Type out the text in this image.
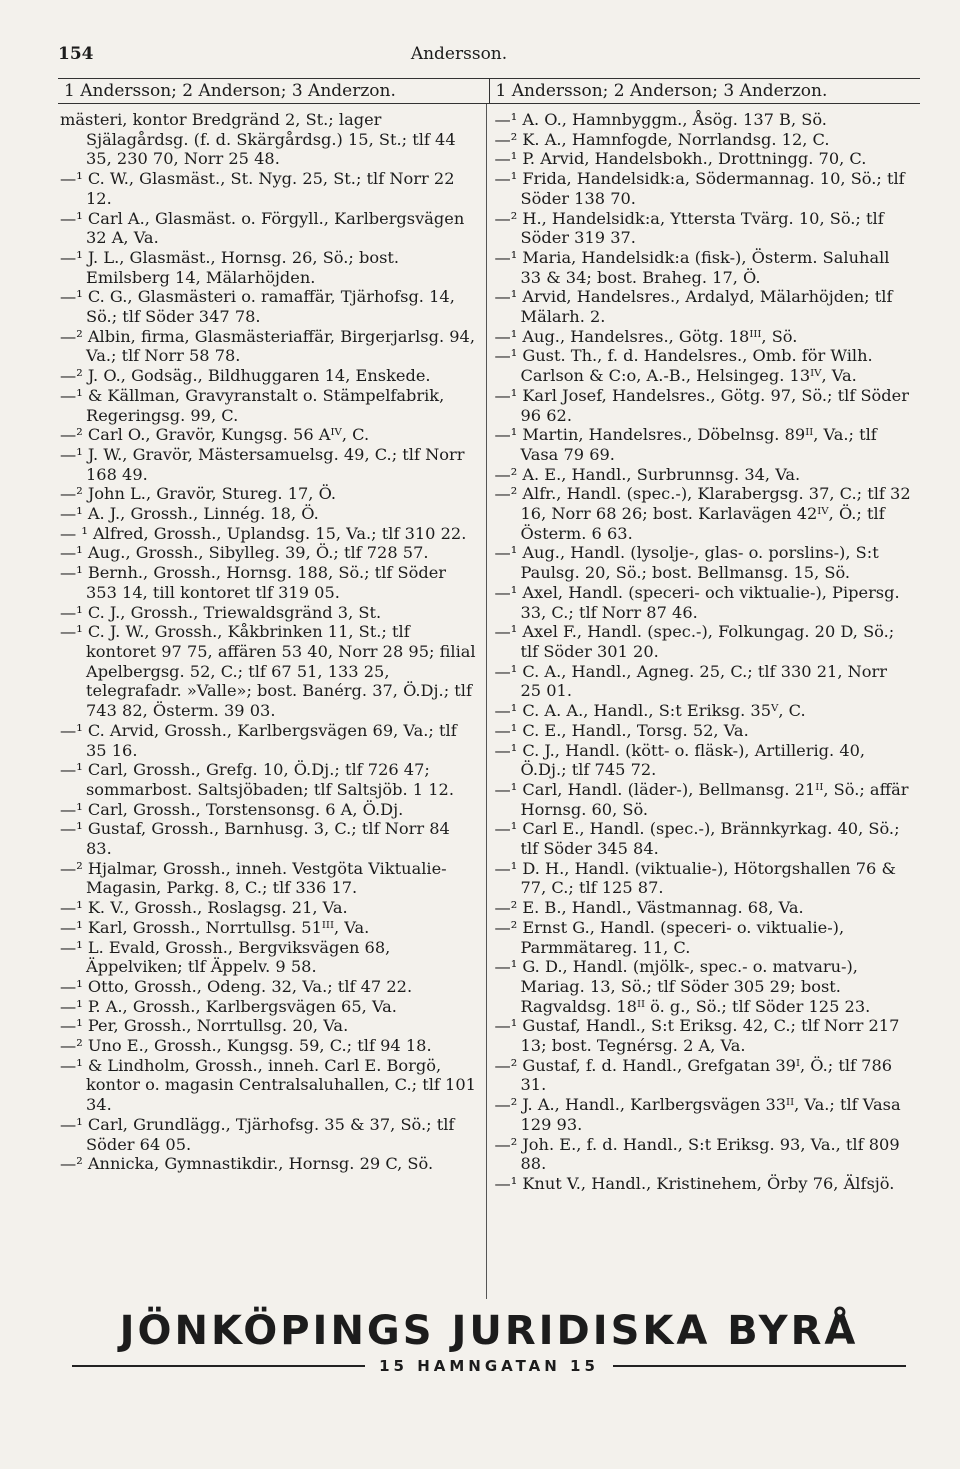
154	Andersson.
1 Andersson; 2 Anderson; 3 Anderzon.	1 Andersson; 2 Anderson; 3 Anderzon.

mästeri, kontor Bredgränd 2, St.; lager Själagårdsg. (f. d. Skärgårdsg.) 15, St.; tlf 44 35, 230 70, Norr 25 48.

—¹ C. W., Glasmäst., St. Nyg. 25, St.; tlf Norr 22 12.

—¹ Carl A., Glasmäst. o. Förgyll., Karlbergsvägen 32 A, Va.

—¹ J. L., Glasmäst., Hornsg. 26, Sö.; bost. Emilsberg 14, Mälarhöjden.

—¹ C. G., Glasmästeri o. ramaffär, Tjärhofsg. 14, Sö.; tlf Söder 347 78.

—² Albin, firma, Glasmästeriaffär, Birgerjarlsg. 94, Va.; tlf Norr 58 78.

—² J. O., Godsäg., Bildhuggaren 14, Enskede.

—¹ & Källman, Gravyranstalt o. Stämpelfabrik, Regeringsg. 99, C.

—² Carl O., Gravör, Kungsg. 56 Aᴵⱽ, C.

—¹ J. W., Gravör, Mästersamuelsg. 49, C.; tlf Norr 168 49.

—² John L., Gravör, Stureg. 17, Ö.

—¹ A. J., Grossh., Linnég. 18, Ö.

— ¹ Alfred, Grossh., Uplandsg. 15, Va.; tlf 310 22.

—¹ Aug., Grossh., Sibylleg. 39, Ö.; tlf 728 57.

—¹ Bernh., Grossh., Hornsg. 188, Sö.; tlf Söder 353 14, till kontoret tlf 319 05.

—¹ C. J., Grossh., Triewaldsgränd 3, St.

—¹ C. J. W., Grossh., Kåkbrinken 11, St.; tlf kontoret 97 75, affären 53 40, Norr 28 95; filial Apelbergsg. 52, C.; tlf 67 51, 133 25, telegrafadr. »Valle»; bost. Banérg. 37, Ö.Dj.; tlf 743 82, Österm. 39 03.

—¹ C. Arvid, Grossh., Karlbergsvägen 69, Va.; tlf 35 16.

—¹ Carl, Grossh., Grefg. 10, Ö.Dj.; tlf 726 47; sommarbost. Saltsjöbaden; tlf Saltsjöb. 1 12.

—¹ Carl, Grossh., Torstensonsg. 6 A, Ö.Dj.

—¹ Gustaf, Grossh., Barnhusg. 3, C.; tlf Norr 84 83.

—² Hjalmar, Grossh., inneh. Vestgöta Viktualie-Magasin, Parkg. 8, C.; tlf 336 17.

—¹ K. V., Grossh., Roslagsg. 21, Va.

—¹ Karl, Grossh., Norrtullsg. 51ᴵᴵᴵ, Va.

—¹ L. Evald, Grossh., Bergviksvägen 68, Äppelviken; tlf Äppelv. 9 58.

—¹ Otto, Grossh., Odeng. 32, Va.; tlf 47 22.

—¹ P. A., Grossh., Karlbergsvägen 65, Va.

—¹ Per, Grossh., Norrtullsg. 20, Va.

—² Uno E., Grossh., Kungsg. 59, C.; tlf 94 18.

—¹ & Lindholm, Grossh., inneh. Carl E. Borgö, kontor o. magasin Centralsaluhallen, C.; tlf 101 34.

—¹ Carl, Grundlägg., Tjärhofsg. 35 & 37, Sö.; tlf Söder 64 05.

—² Annicka, Gymnastikdir., Hornsg. 29 C, Sö.

—¹ A. O., Hamnbyggm., Åsög. 137 B, Sö.

—² K. A., Hamnfogde, Norrlandsg. 12, C.

—¹ P. Arvid, Handelsbokh., Drottningg. 70, C.

—¹ Frida, Handelsidk:a, Södermannag. 10, Sö.; tlf Söder 138 70.

—² H., Handelsidk:a, Yttersta Tvärg. 10, Sö.; tlf Söder 319 37.

—¹ Maria, Handelsidk:a (fisk-), Österm. Saluhall 33 & 34; bost. Braheg. 17, Ö.

—¹ Arvid, Handelsres., Ardalyd, Mälarhöjden; tlf Mälarh. 2.

—¹ Aug., Handelsres., Götg. 18ᴵᴵᴵ, Sö.

—¹ Gust. Th., f. d. Handelsres., Omb. för Wilh. Carlson & C:o, A.-B., Helsingeg. 13ᴵⱽ, Va.

—¹ Karl Josef, Handelsres., Götg. 97, Sö.; tlf Söder 96 62.

—¹ Martin, Handelsres., Döbelnsg. 89ᴵᴵ, Va.; tlf Vasa 79 69.

—² A. E., Handl., Surbrunnsg. 34, Va.

—² Alfr., Handl. (spec.-), Klarabergsg. 37, C.; tlf 32 16, Norr 68 26; bost. Karlavägen 42ᴵⱽ, Ö.; tlf Österm. 6 63.

—¹ Aug., Handl. (lysolje-, glas- o. porslins-), S:t Paulsg. 20, Sö.; bost. Bellmansg. 15, Sö.

—¹ Axel, Handl. (speceri- och viktualie-), Pipersg. 33, C.; tlf Norr 87 46.

—¹ Axel F., Handl. (spec.-), Folkungag. 20 D, Sö.; tlf Söder 301 20.

—¹ C. A., Handl., Agneg. 25, C.; tlf 330 21, Norr 25 01.

—¹ C. A. A., Handl., S:t Eriksg. 35ⱽ, C.

—¹ C. E., Handl., Torsg. 52, Va.

—¹ C. J., Handl. (kött- o. fläsk-), Artillerig. 40, Ö.Dj.; tlf 745 72.

—¹ Carl, Handl. (läder-), Bellmansg. 21ᴵᴵ, Sö.; affär Hornsg. 60, Sö.

—¹ Carl E., Handl. (spec.-), Brännkyrkag. 40, Sö.; tlf Söder 345 84.

—¹ D. H., Handl. (viktualie-), Hötorgshallen 76 & 77, C.; tlf 125 87.

—² E. B., Handl., Västmannag. 68, Va.

—² Ernst G., Handl. (speceri- o. viktualie-), Parmmätareg. 11, C.

—¹ G. D., Handl. (mjölk-, spec.- o. matvaru-), Mariag. 13, Sö.; tlf Söder 305 29; bost. Ragvaldsg. 18ᴵᴵ ö. g., Sö.; tlf Söder 125 23.

—¹ Gustaf, Handl., S:t Eriksg. 42, C.; tlf Norr 217 13; bost. Tegnérsg. 2 A, Va.

—² Gustaf, f. d. Handl., Grefgatan 39ᴵ, Ö.; tlf 786 31.

—² J. A., Handl., Karlbergsvägen 33ᴵᴵ, Va.; tlf Vasa 129 93.

—² Joh. E., f. d. Handl., S:t Eriksg. 93, Va., tlf 809 88.

—¹ Knut V., Handl., Kristinehem, Örby 76, Älfsjö.

JÖNKÖPINGS JURIDISKA BYRÅ
15 HAMNGATAN 15
